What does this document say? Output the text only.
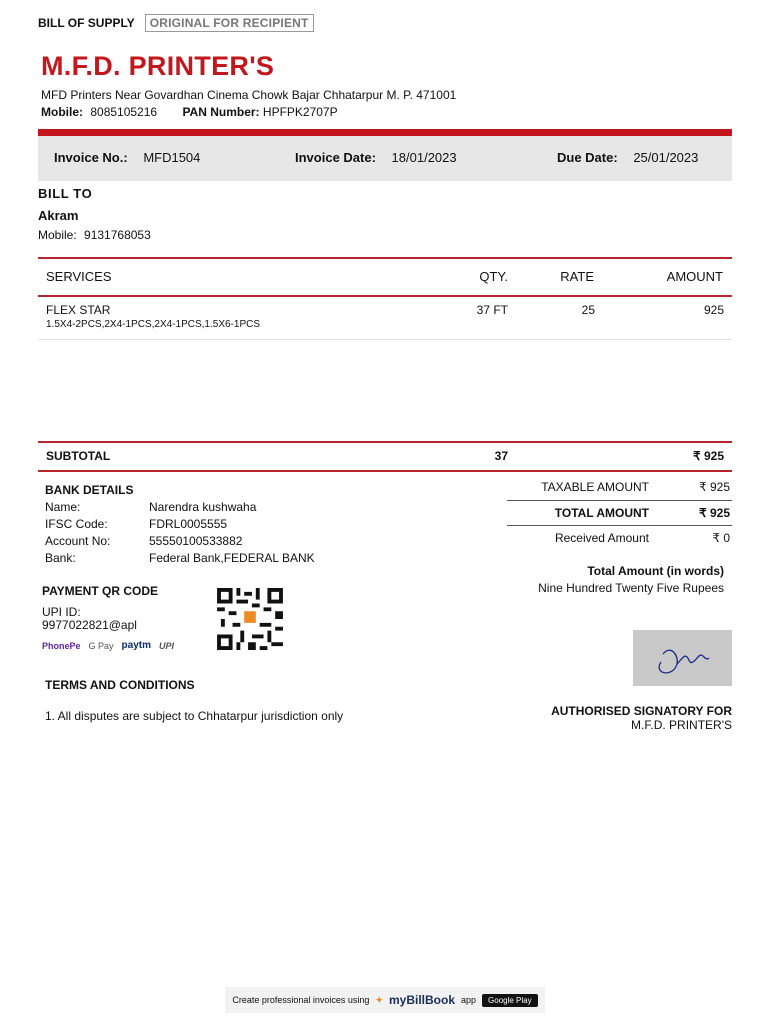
BILL OF SUPPLY	ORIGINAL FOR RECIPIENT
M.F.D. PRINTER'S
MFD Printers Near Govardhan Cinema Chowk Bajar Chhatarpur M. P. 471001
Mobile: 8085105216 PAN Number: HPFPK2707P
Invoice No.: MFD1504	Invoice Date: 18/01/2023	Due Date: 25/01/2023
BILL TO
Akram
Mobile: 9131768053
SERVICES	QTY.	RATE	AMOUNT
FLEX STAR
1.5X4-2PCS,2X4-1PCS,2X4-1PCS,1.5X6-1PCS
37 FT	25	925
SUBTOTAL	37	₹ 925
BANK DETAILS
Name:	Narendra kushwaha
IFSC Code:	FDRL0005555
Account No:	55550100533882
Bank:	Federal Bank,FEDERAL BANK
TAXABLE AMOUNT	₹ 925
TOTAL AMOUNT	₹ 925
Received Amount	₹ 0
Total Amount (in words)
Nine Hundred Twenty Five Rupees
PAYMENT QR CODE
UPI ID:
9977022821@apl
PhonePe G Pay paytm UPI
AUTHORISED SIGNATORY FOR
M.F.D. PRINTER'S
TERMS AND CONDITIONS
1. All disputes are subject to Chhatarpur jurisdiction only
Create professional invoices using ✦ myBillBook app	Google Play
